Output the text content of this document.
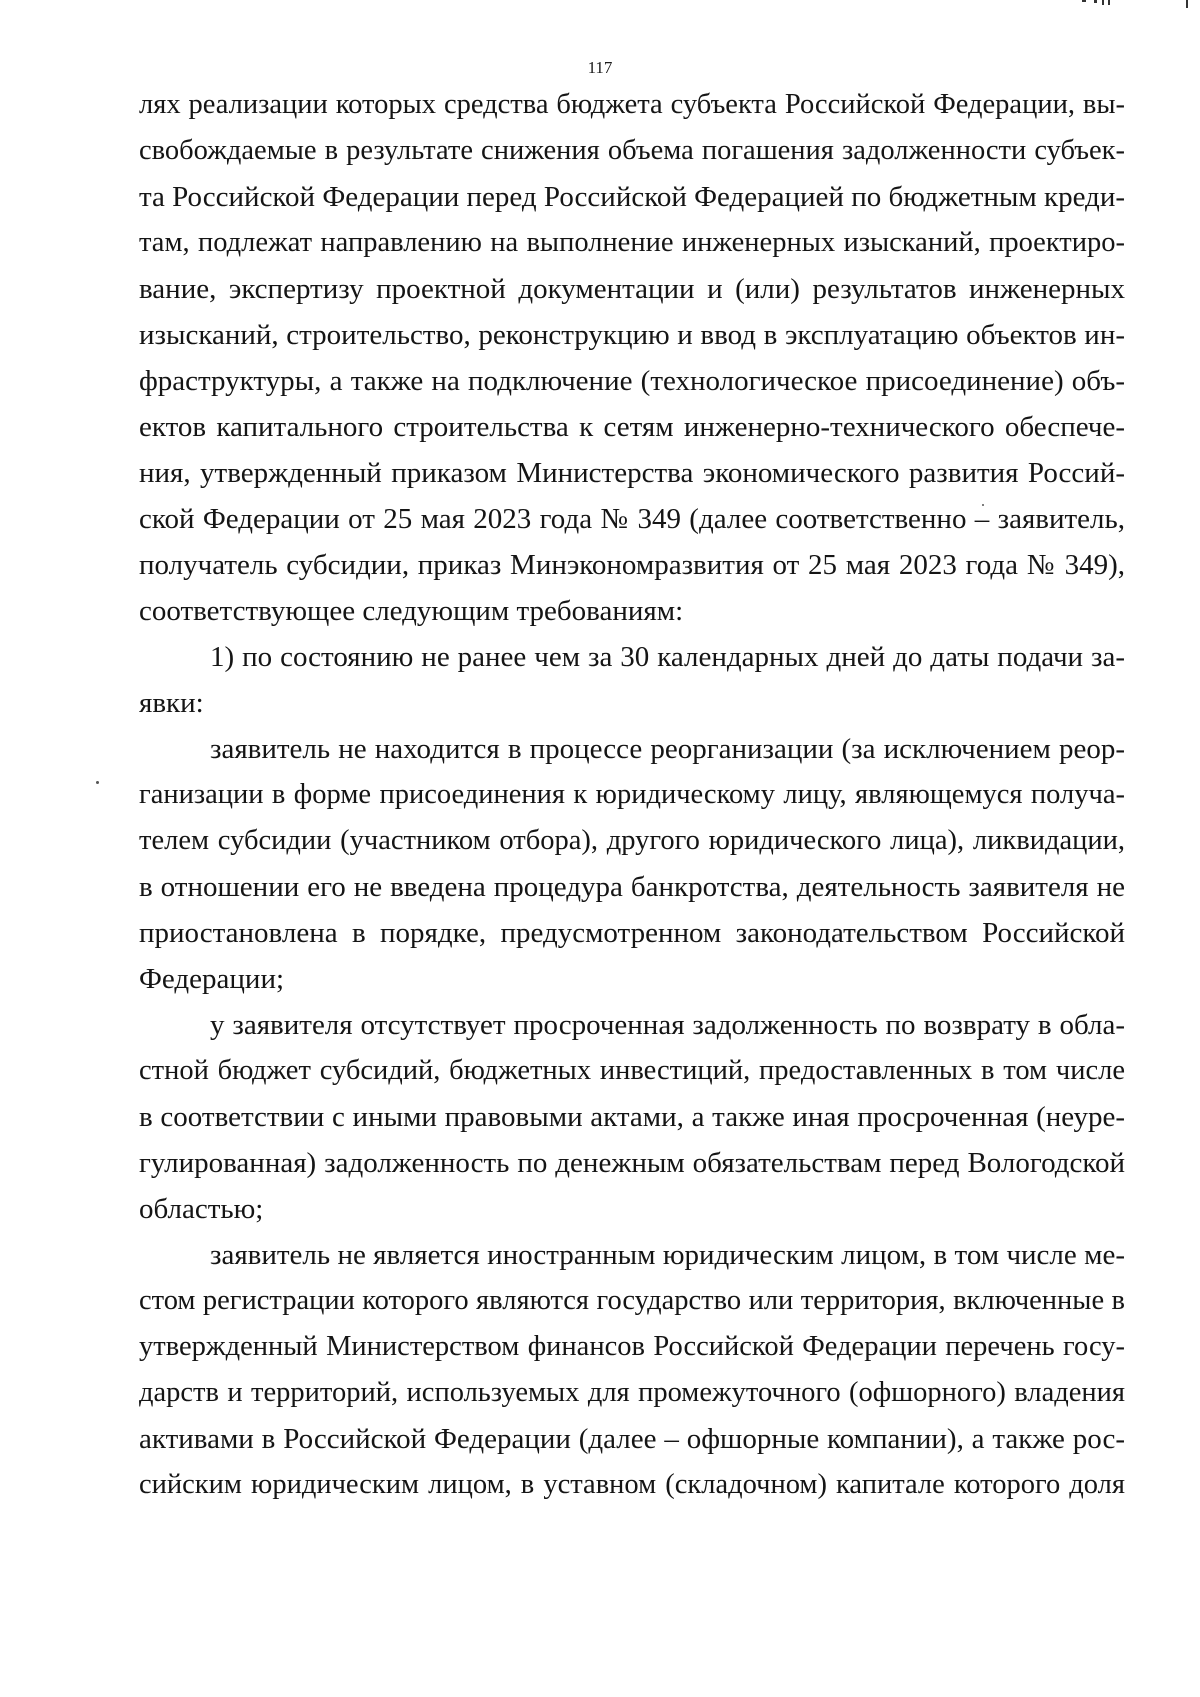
117
лях реализации которых средства бюджета субъекта Российской Федерации, вы-
свобождаемые в результате снижения объема погашения задолженности субъек-
та Российской Федерации перед Российской Федерацией по бюджетным креди-
там, подлежат направлению на выполнение инженерных изысканий, проектиро-
вание, экспертизу проектной документации и (или) результатов инженерных
изысканий, строительство, реконструкцию и ввод в эксплуатацию объектов ин-
фраструктуры, а также на подключение (технологическое присоединение) объ-
ектов капитального строительства к сетям инженерно-технического обеспече-
ния, утвержденный приказом Министерства экономического развития Россий-
ской Федерации от 25 мая 2023 года № 349 (далее соответственно – заявитель,
получатель субсидии, приказ Минэкономразвития от 25 мая 2023 года № 349),
соответствующее следующим требованиям:
1) по состоянию не ранее чем за 30 календарных дней до даты подачи за-
явки:
заявитель не находится в процессе реорганизации (за исключением реор-
ганизации в форме присоединения к юридическому лицу, являющемуся получа-
телем субсидии (участником отбора), другого юридического лица), ликвидации,
в отношении его не введена процедура банкротства, деятельность заявителя не
приостановлена в порядке, предусмотренном законодательством Российской
Федерации;
у заявителя отсутствует просроченная задолженность по возврату в обла-
стной бюджет субсидий, бюджетных инвестиций, предоставленных в том числе
в соответствии с иными правовыми актами, а также иная просроченная (неуре-
гулированная) задолженность по денежным обязательствам перед Вологодской
областью;
заявитель не является иностранным юридическим лицом, в том числе ме-
стом регистрации которого являются государство или территория, включенные в
утвержденный Министерством финансов Российской Федерации перечень госу-
дарств и территорий, используемых для промежуточного (офшорного) владения
активами в Российской Федерации (далее – офшорные компании), а также рос-
сийским юридическим лицом, в уставном (складочном) капитале которого доля
